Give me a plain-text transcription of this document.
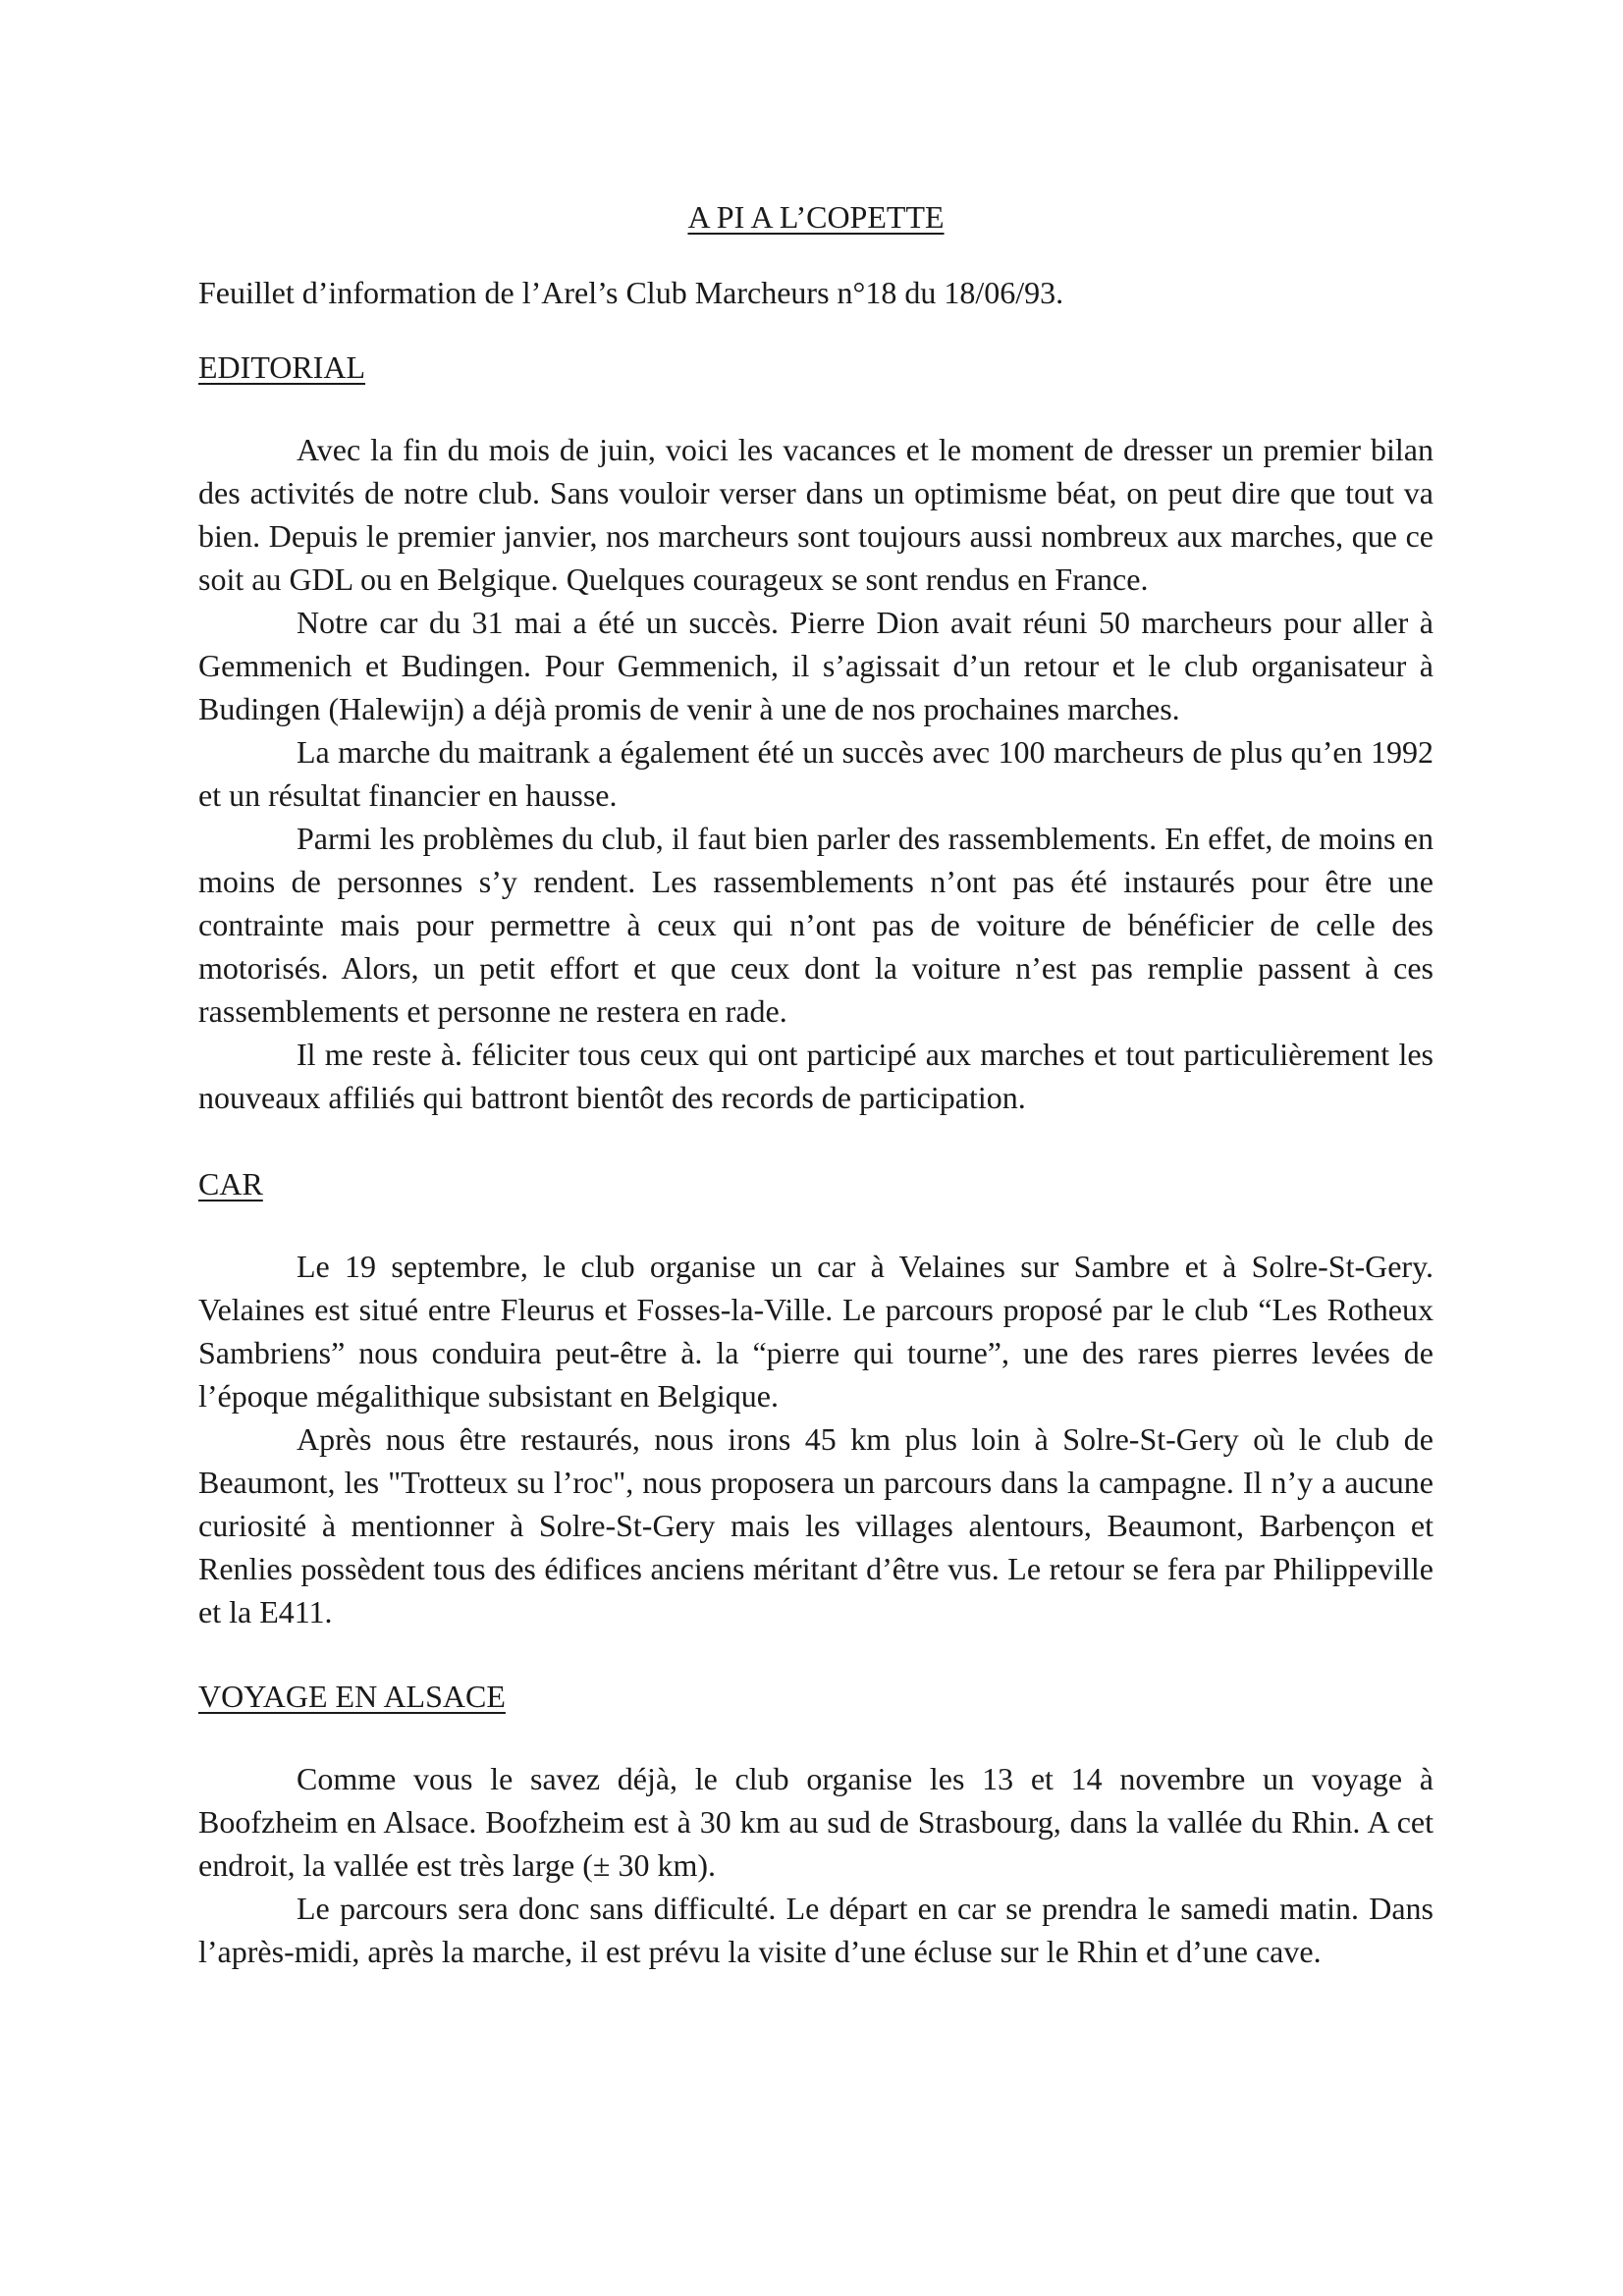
A PI A L’COPETTE

Feuillet d’information de l’Arel’s Club Marcheurs n°18 du 18/06/93.

EDITORIAL

Avec la fin du mois de juin, voici les vacances et le moment de dresser un premier bilan des activités de notre club. Sans vouloir verser dans un optimisme béat, on peut dire que tout va bien. Depuis le premier janvier, nos marcheurs sont toujours aussi nombreux aux marches, que ce soit au GDL ou en Belgique. Quelques courageux se sont rendus en France.

Notre car du 31 mai a été un succès. Pierre Dion avait réuni 50 marcheurs pour aller à Gemmenich et Budingen. Pour Gemmenich, il s’agissait d’un retour et le club organisateur à Budingen (Halewijn) a déjà promis de venir à une de nos prochaines marches.

La marche du maitrank a également été un succès avec 100 marcheurs de plus qu’en 1992 et un résultat financier en hausse.

Parmi les problèmes du club, il faut bien parler des rassemblements. En effet, de moins en moins de personnes s’y rendent. Les rassemblements n’ont pas été instaurés pour être une contrainte mais pour permettre à ceux qui n’ont pas de voiture de bénéficier de celle des motorisés. Alors, un petit effort et que ceux dont la voiture n’est pas remplie passent à ces rassemblements et personne ne restera en rade.

Il me reste à. féliciter tous ceux qui ont participé aux marches et tout particulièrement les nouveaux affiliés qui battront bientôt des records de participation.

CAR

Le 19 septembre, le club organise un car à Velaines sur Sambre et à Solre-St-Gery. Velaines est situé entre Fleurus et Fosses-la-Ville. Le parcours proposé par le club “Les Rotheux Sambriens” nous conduira peut-être à. la “pierre qui tourne”, une des rares pierres levées de l’époque mégalithique subsistant en Belgique.

Après nous être restaurés, nous irons 45 km plus loin à Solre-St-Gery où le club de Beaumont, les "Trotteux su l’roc", nous proposera un parcours dans la campagne. Il n’y a aucune curiosité à mentionner à Solre-St-Gery mais les villages alentours, Beaumont, Barbençon et Renlies possèdent tous des édifices anciens méritant d’être vus. Le retour se fera par Philippeville et la E411.

VOYAGE EN ALSACE

Comme vous le savez déjà, le club organise les 13 et 14 novembre un voyage à Boofzheim en Alsace. Boofzheim est à 30 km au sud de Strasbourg, dans la vallée du Rhin. A cet endroit, la vallée est très large (± 30 km).

Le parcours sera donc sans difficulté. Le départ en car se prendra le samedi matin. Dans l’après-midi, après la marche, il est prévu la visite d’une écluse sur le Rhin et d’une cave.
